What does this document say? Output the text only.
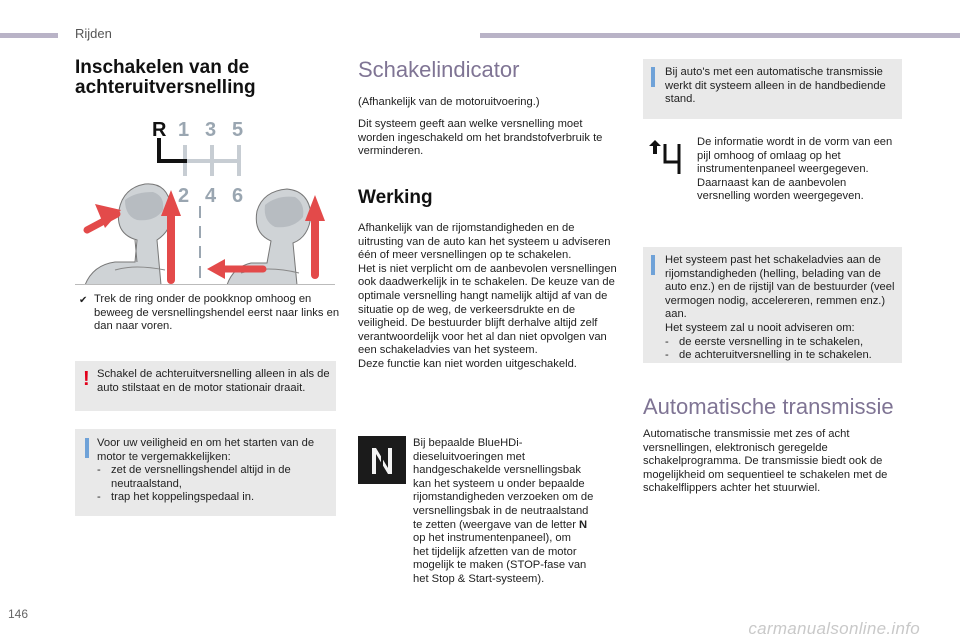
Rijden
Inschakelen van de
achteruitversnelling
R 1 3 5
2 4 6
✔ Trek de ring onder de pookknop omhoog en beweeg de versnellingshendel eerst naar links en dan naar voren.

! Schakel de achteruitversnelling alleen in als de auto stilstaat en de motor stationair draait.

Voor uw veiligheid en om het starten van de motor te vergemakkelijken:

- zet de versnellingshendel altijd in de neutraalstand,
- trap het koppelingspedaal in.
Schakelindicator

(Afhankelijk van de motoruitvoering.)

Dit systeem geeft aan welke versnelling moet worden ingeschakeld om het brandstofverbruik te verminderen.

Werking

Afhankelijk van de rijomstandigheden en de uitrusting van de auto kan het systeem u adviseren één of meer versnellingen op te schakelen.
Het is niet verplicht om de aanbevolen versnellingen ook daadwerkelijk in te schakelen. De keuze van de optimale versnelling hangt namelijk altijd af van de situatie op de weg, de verkeersdrukte en de veiligheid. De bestuurder blijft derhalve altijd zelf verantwoordelijk voor het al dan niet opvolgen van een schakeladvies van het systeem.
Deze functie kan niet worden uitgeschakeld.

Bij bepaalde BlueHDi-
dieseluitvoeringen met
handgeschakelde versnellingsbak
kan het systeem u onder bepaalde
rijomstandigheden verzoeken om de
versnellingsbak in de neutraalstand
te zetten (weergave van de letter N
op het instrumentenpaneel), om
het tijdelijk afzetten van de motor
mogelijk te maken (STOP-fase van
het Stop & Start-systeem).

Bij auto's met een automatische transmissie werkt dit systeem alleen in de handbediende stand.

De informatie wordt in de vorm van een pijl omhoog of omlaag op het instrumentenpaneel weergegeven. Daarnaast kan de aanbevolen versnelling worden weergegeven.

Het systeem past het schakeladvies aan de rijomstandigheden (helling, belading van de auto enz.) en de rijstijl van de bestuurder (veel vermogen nodig, accelereren, remmen enz.) aan.
Het systeem zal u nooit adviseren om:

- de eerste versnelling in te schakelen,
- de achteruitversnelling in te schakelen.
Automatische transmissie

Automatische transmissie met zes of acht versnellingen, elektronisch geregelde schakelprogramma. De transmissie biedt ook de mogelijkheid om sequentieel te schakelen met de schakelflippers achter het stuurwiel.

146
carmanualsonline.info
